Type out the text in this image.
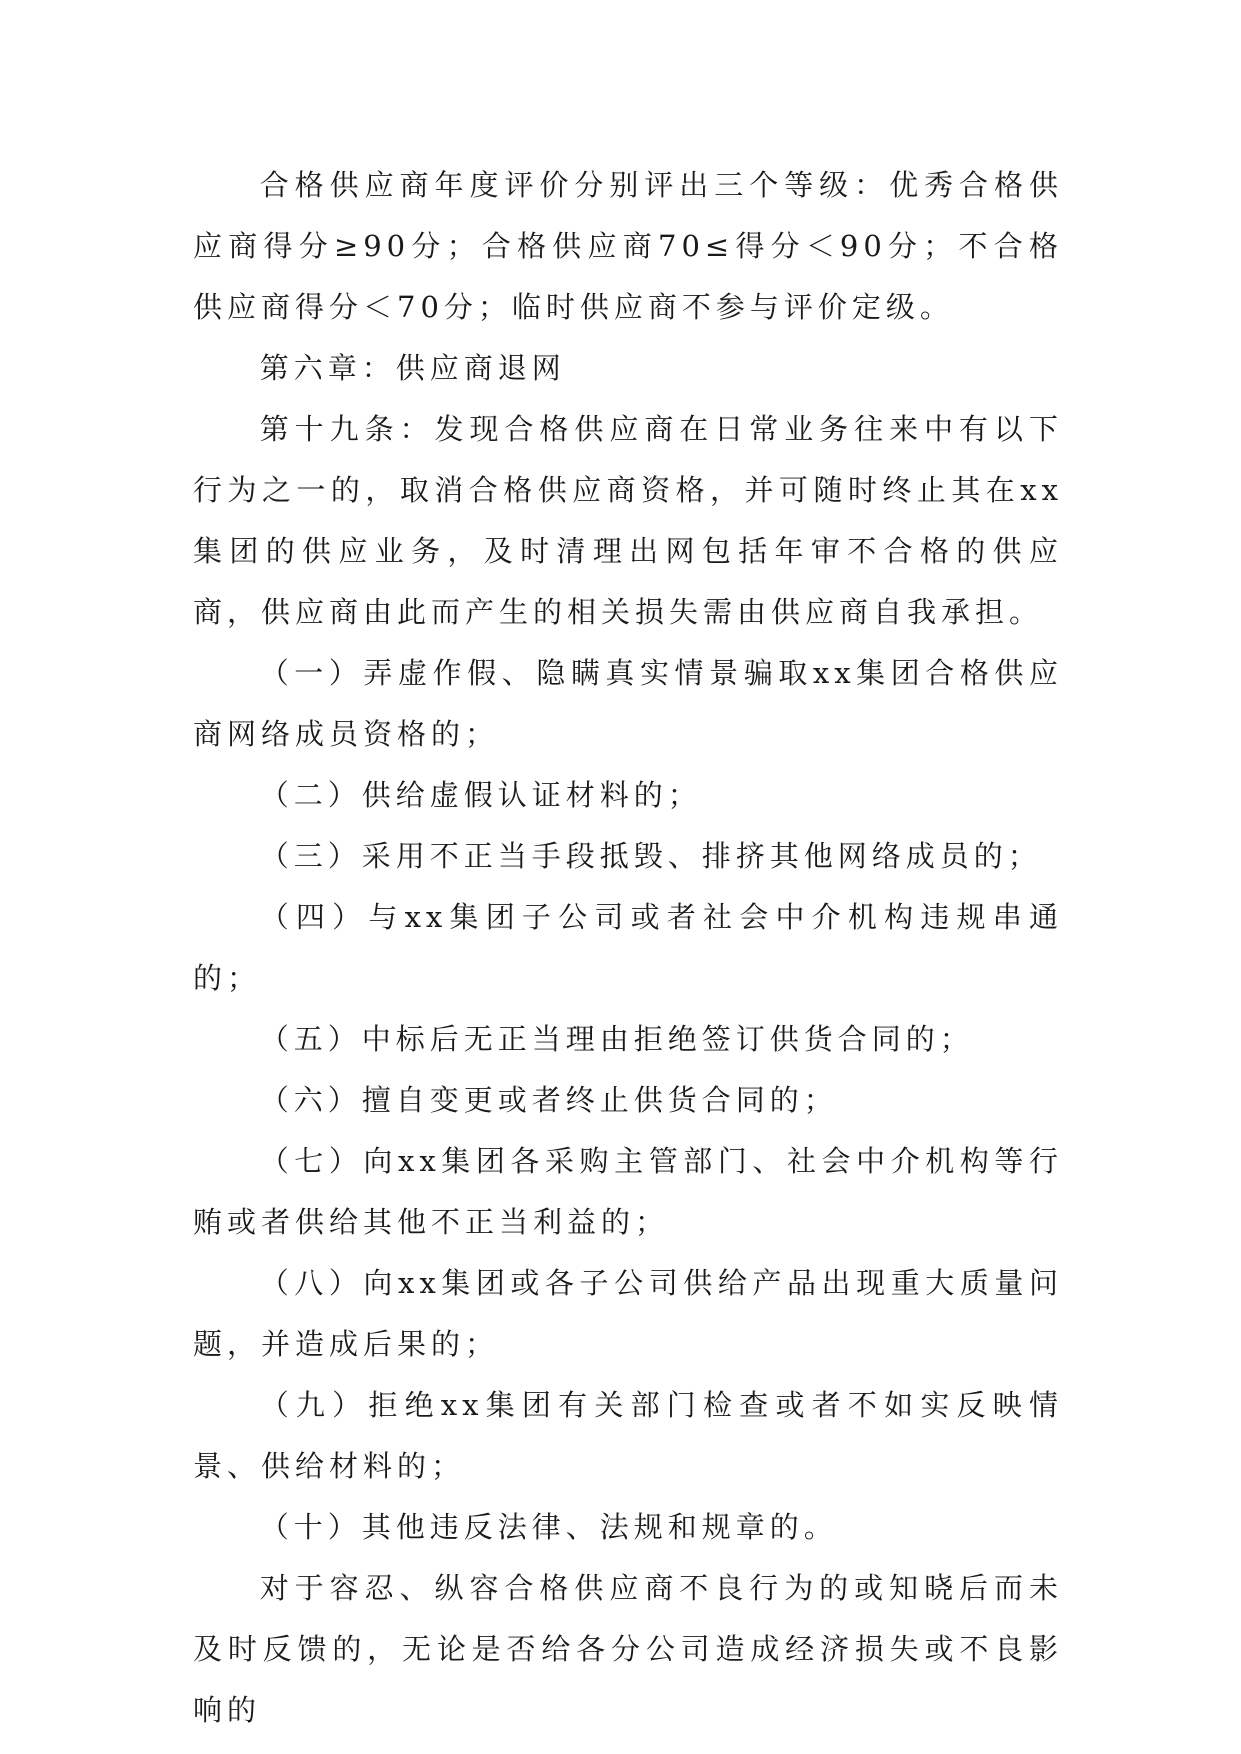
合格供应商年度评价分别评出三个等级：优秀合格供应商得分≥90分；合格供应商70≤得分＜90分；不合格供应商得分＜70分；临时供应商不参与评价定级。

第六章：供应商退网

第十九条：发现合格供应商在日常业务往来中有以下行为之一的，取消合格供应商资格，并可随时终止其在xx集团的供应业务，及时清理出网包括年审不合格的供应商，供应商由此而产生的相关损失需由供应商自我承担。

（一）弄虚作假、隐瞒真实情景骗取xx集团合格供应商网络成员资格的；

（二）供给虚假认证材料的；

（三）采用不正当手段抵毁、排挤其他网络成员的；

（四）与xx集团子公司或者社会中介机构违规串通的；

（五）中标后无正当理由拒绝签订供货合同的；

（六）擅自变更或者终止供货合同的；

（七）向xx集团各采购主管部门、社会中介机构等行贿或者供给其他不正当利益的；

（八）向xx集团或各子公司供给产品出现重大质量问题，并造成后果的；

（九）拒绝xx集团有关部门检查或者不如实反映情景、供给材料的；

（十）其他违反法律、法规和规章的。

对于容忍、纵容合格供应商不良行为的或知晓后而未及时反馈的，无论是否给各分公司造成经济损失或不良影响的
